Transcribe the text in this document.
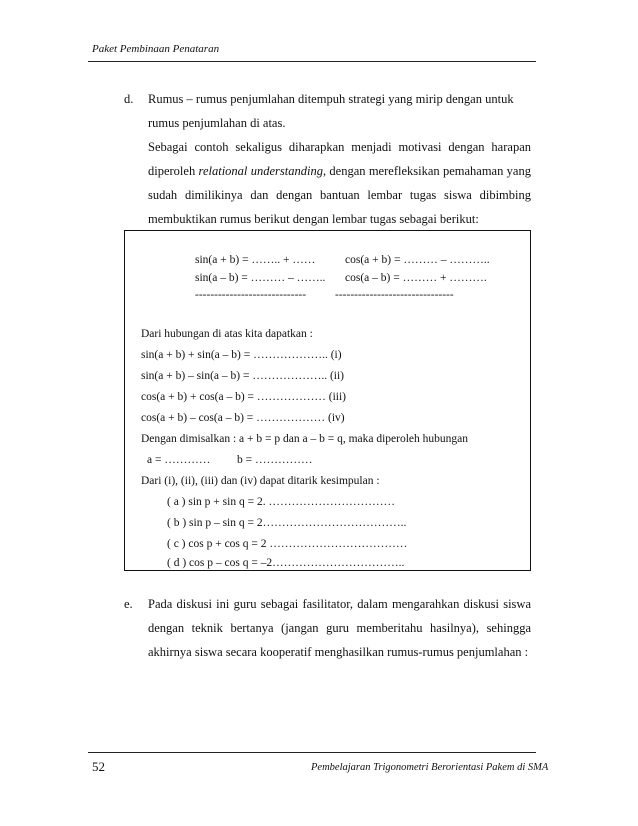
Paket Pembinaan Penataran
d. Rumus – rumus penjumlahan ditempuh strategi yang mirip dengan untuk
rumus penjumlahan di atas.
Sebagai contoh sekaligus diharapkan menjadi motivasi dengan harapan
diperoleh relational understanding, dengan merefleksikan pemahaman yang
sudah dimilikinya dan dengan bantuan lembar tugas siswa dibimbing
membuktikan rumus berikut dengan lembar tugas sebagai berikut:
sin(a + b) = …….. + ……	cos(a + b) = ……… – ………..
sin(a – b) = ……… – …….. cos(a – b) = ……… + ……….
-----------------------------	-------------------------------
Dari hubungan di atas kita dapatkan :
sin(a + b) + sin(a – b) = ……………….. (i)
sin(a + b) – sin(a – b) = ……………….. (ii)
cos(a + b) + cos(a – b) = ……………… (iii)
cos(a + b) – cos(a – b) = ……………… (iv)
Dengan dimisalkan : a + b = p dan a – b = q, maka diperoleh hubungan
a = ………… b = ……………
Dari (i), (ii), (iii) dan (iv) dapat ditarik kesimpulan :
( a ) sin p + sin q = 2. ……………………………
( b ) sin p – sin q = 2………………………………..
( c ) cos p + cos q = 2 ………………………………
( d ) cos p – cos q = –2……………………………..
e. Pada diskusi ini guru sebagai fasilitator, dalam mengarahkan diskusi siswa
dengan teknik bertanya (jangan guru memberitahu hasilnya), sehingga
akhirnya siswa secara kooperatif menghasilkan rumus-rumus penjumlahan :
52	Pembelajaran Trigonometri Berorientasi Pakem di SMA
